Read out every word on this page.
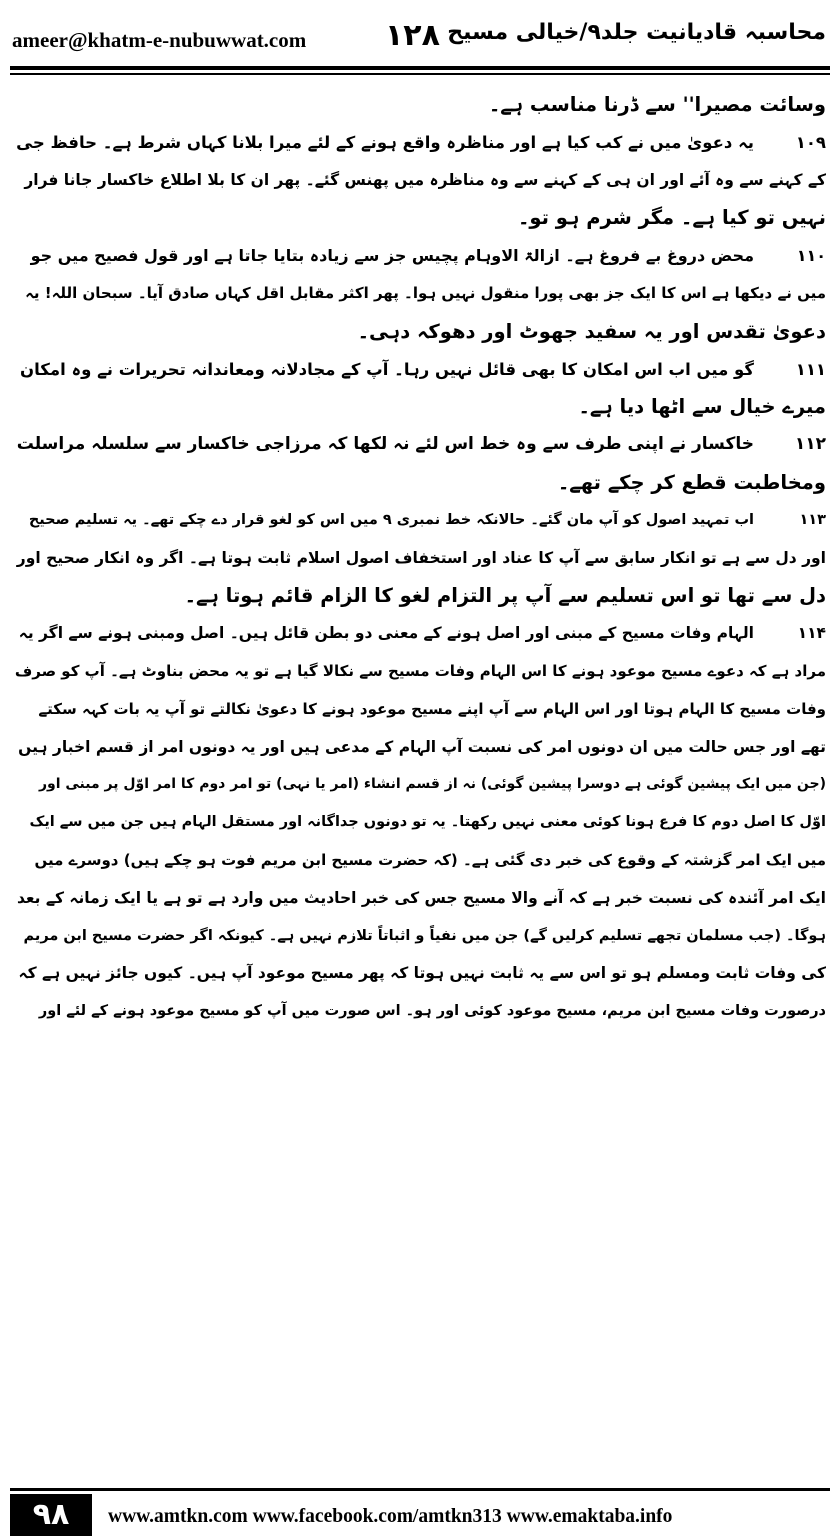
ameer@khatm-e-nubuwwat.com	۱۲۸ محاسبہ قادیانیت جلد۹/خیالی مسیح
وسائت مصیرا'' سے ڈرنا مناسب ہے۔
۱۰۹یہ دعویٰ میں نے کب کیا ہے اور مناظرہ واقع ہونے کے لئے میرا بلانا کہاں شرط ہے۔ حافظ جی
کے کہنے سے وہ آئے اور ان ہی کے کہنے سے وہ مناظرہ میں پھنس گئے۔ پھر ان کا بلا اطلاع خاکسار جانا فرار
نہیں تو کیا ہے۔ مگر شرم ہو تو۔
۱۱۰محض دروغ بے فروغ ہے۔ ازالۃ الاوہام پچیس جز سے زیادہ بتایا جاتا ہے اور قول فصیح میں جو
میں نے دیکھا ہے اس کا ایک جز بھی پورا منقول نہیں ہوا۔ پھر اکثر مقابل اقل کہاں صادق آیا۔ سبحان اللہ! یہ
دعویٰ تقدس اور یہ سفید جھوٹ اور دھوکہ دہی۔
۱۱۱گو میں اب اس امکان کا بھی قائل نہیں رہا۔ آپ کے مجادلانہ ومعاندانہ تحریرات نے وہ امکان
میرے خیال سے اٹھا دیا ہے۔
۱۱۲خاکسار نے اپنی طرف سے وہ خط اس لئے نہ لکھا کہ مرزاجی خاکسار سے سلسلہ مراسلت
ومخاطبت قطع کر چکے تھے۔
۱۱۳اب تمہید اصول کو آپ مان گئے۔ حالانکہ خط نمبری ۹ میں اس کو لغو قرار دے چکے تھے۔ یہ تسلیم صحیح
اور دل سے ہے تو انکار سابق سے آپ کا عناد اور استخفاف اصول اسلام ثابت ہوتا ہے۔ اگر وہ انکار صحیح اور
دل سے تھا تو اس تسلیم سے آپ پر التزام لغو کا الزام قائم ہوتا ہے۔
۱۱۴الہام وفات مسیح کے مبنی اور اصل ہونے کے معنی دو بطن قائل ہیں۔ اصل ومبنی ہونے سے اگر یہ
مراد ہے کہ دعوے مسیح موعود ہونے کا اس الہام وفات مسیح سے نکالا گیا ہے تو یہ محض بناوٹ ہے۔ آپ کو صرف
وفات مسیح کا الہام ہوتا اور اس الہام سے آپ اپنے مسیح موعود ہونے کا دعویٰ نکالتے تو آپ یہ بات کہہ سکتے
تھے اور جس حالت میں ان دونوں امر کی نسبت آپ الہام کے مدعی ہیں اور یہ دونوں امر از قسم اخبار ہیں
(جن میں ایک پیشین گوئی ہے دوسرا پیشین گوئی) نہ از قسم انشاء (امر یا نہی) تو امر دوم کا امر اوّل پر مبنی اور
اوّل کا اصل دوم کا فرع ہونا کوئی معنی نہیں رکھتا۔ یہ تو دونوں جداگانہ اور مستقل الہام ہیں جن میں سے ایک
میں ایک امر گزشتہ کے وقوع کی خبر دی گئی ہے۔ (کہ حضرت مسیح ابن مریم فوت ہو چکے ہیں) دوسرے میں
ایک امر آئندہ کی نسبت خبر ہے کہ آنے والا مسیح جس کی خبر احادیث میں وارد ہے تو ہے یا ایک زمانہ کے بعد
ہوگا۔ (جب مسلمان تجھے تسلیم کرلیں گے) جن میں نفیاً و اثباتاً تلازم نہیں ہے۔ کیونکہ اگر حضرت مسیح ابن مریم
کی وفات ثابت ومسلم ہو تو اس سے یہ ثابت نہیں ہوتا کہ پھر مسیح موعود آپ ہیں۔ کیوں جائز نہیں ہے کہ
درصورت وفات مسیح ابن مریم، مسیح موعود کوئی اور ہو۔ اس صورت میں آپ کو مسیح موعود ہونے کے لئے اور
۹۸	www.amtkn.com www.facebook.com/amtkn313 www.emaktaba.info
